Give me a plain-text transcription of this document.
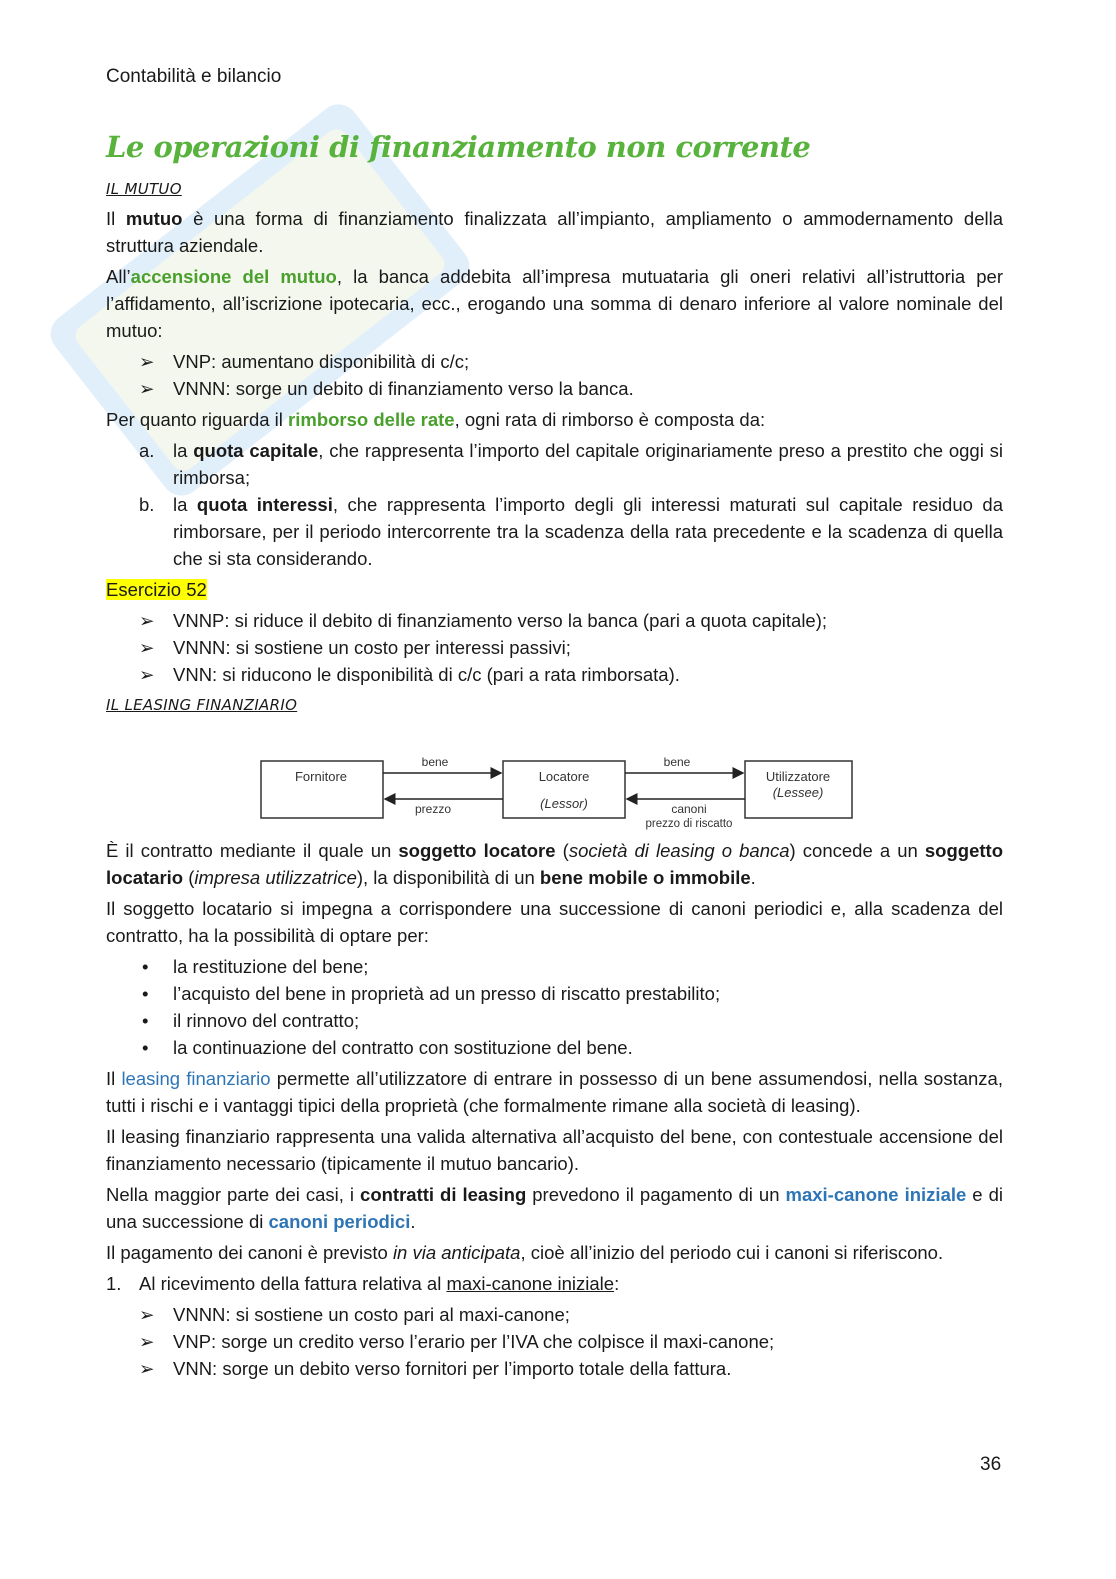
Contabilità e bilancio
Le operazioni di finanziamento non corrente
IL MUTUO

Il mutuo è una forma di finanziamento finalizzata all’impianto, ampliamento o ammodernamento della struttura aziendale.

All’accensione del mutuo, la banca addebita all’impresa mutuataria gli oneri relativi all’istruttoria per l’affidamento, all’iscrizione ipotecaria, ecc., erogando una somma di denaro inferiore al valore nominale del mutuo:

➢ VNP: aumentano disponibilità di c/c;
➢ VNNN: sorge un debito di finanziamento verso la banca.

Per quanto riguarda il rimborso delle rate, ogni rata di rimborso è composta da:

a. la quota capitale, che rappresenta l’importo del capitale originariamente preso a prestito che oggi si rimborsa;
b. la quota interessi, che rappresenta l’importo degli gli interessi maturati sul capitale residuo da rimborsare, per il periodo intercorrente tra la scadenza della rata precedente e la scadenza di quella che si sta considerando.

Esercizio 52

➢ VNNP: si riduce il debito di finanziamento verso la banca (pari a quota capitale);
➢ VNNN: si sostiene un costo per interessi passivi;
➢ VNN: si riducono le disponibilità di c/c (pari a rata rimborsata).
IL LEASING FINANZIARIO
Fornitore	Locatore
(Lessor)
Utilizzatore
(Lessee)
bene
prezzo
bene
canoni
prezzo di riscatto

È il contratto mediante il quale un soggetto locatore (società di leasing o banca) concede a un soggetto locatario (impresa utilizzatrice), la disponibilità di un bene mobile o immobile.

Il soggetto locatario si impegna a corrispondere una successione di canoni periodici e, alla scadenza del contratto, ha la possibilità di optare per:

• la restituzione del bene;
• l’acquisto del bene in proprietà ad un presso di riscatto prestabilito;
• il rinnovo del contratto;
• la continuazione del contratto con sostituzione del bene.

Il leasing finanziario permette all’utilizzatore di entrare in possesso di un bene assumendosi, nella sostanza, tutti i rischi e i vantaggi tipici della proprietà (che formalmente rimane alla società di leasing).

Il leasing finanziario rappresenta una valida alternativa all’acquisto del bene, con contestuale accensione del finanziamento necessario (tipicamente il mutuo bancario).

Nella maggior parte dei casi, i contratti di leasing prevedono il pagamento di un maxi-canone iniziale e di una successione di canoni periodici.

Il pagamento dei canoni è previsto in via anticipata, cioè all’inizio del periodo cui i canoni si riferiscono.

1. Al ricevimento della fattura relativa al maxi-canone iniziale:
➢ VNNN: si sostiene un costo pari al maxi-canone;
➢ VNP: sorge un credito verso l’erario per l’IVA che colpisce il maxi-canone;
➢ VNN: sorge un debito verso fornitori per l’importo totale della fattura.
36
